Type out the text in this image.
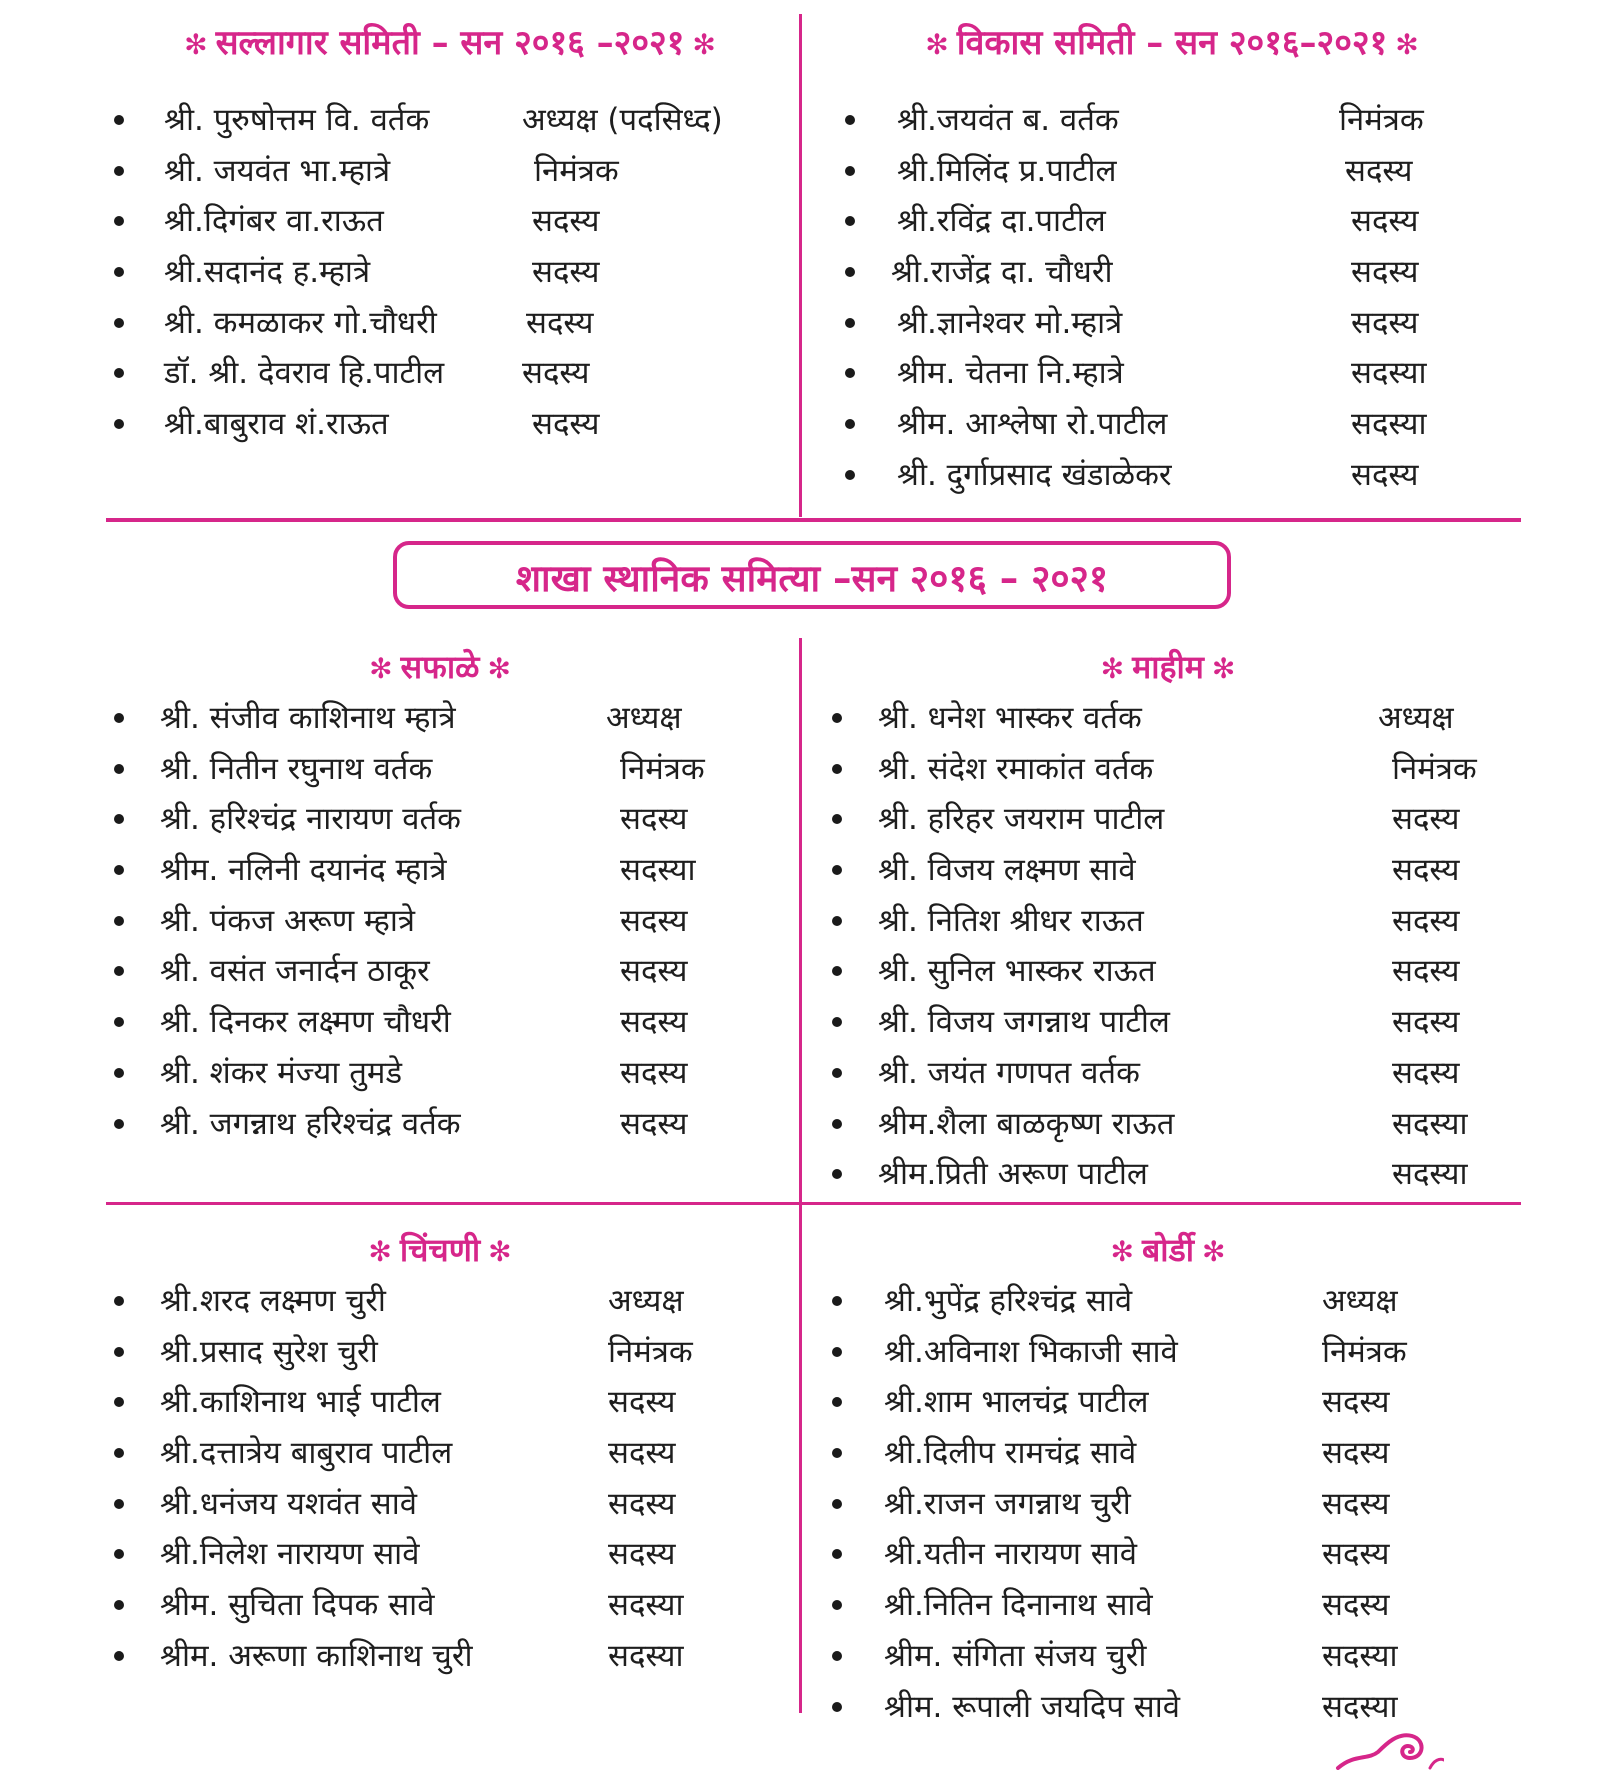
✻ सल्लागार समिती – सन २०१६ –२०२१ ✻	✻ विकास समिती – सन २०१६–२०२१ ✻
श्री. पुरुषोत्तम वि. वर्तक	अध्यक्ष (पदसिध्द)
श्री. जयवंत भा.म्हात्रे	निमंत्रक
श्री.दिगंबर वा.राऊत	सदस्य
श्री.सदानंद ह.म्हात्रे	सदस्य
श्री. कमळाकर गो.चौधरी	सदस्य
डॉ. श्री. देवराव हि.पाटील	सदस्य
श्री.बाबुराव शं.राऊत	सदस्य
श्री.जयवंत ब. वर्तक	निमंत्रक
श्री.मिलिंद प्र.पाटील	सदस्य
श्री.रविंद्र दा.पाटील	सदस्य
श्री.राजेंद्र दा. चौधरी	सदस्य
श्री.ज्ञानेश्वर मो.म्हात्रे	सदस्य
श्रीम. चेतना नि.म्हात्रे	सदस्या
श्रीम. आश्लेषा रो.पाटील	सदस्या
श्री. दुर्गाप्रसाद खंडाळेकर	सदस्य
शाखा स्थानिक समित्या –सन २०१६ – २०२१
✻ सफाळे ✻	✻ माहीम ✻
श्री. संजीव काशिनाथ म्हात्रे	अध्यक्ष
श्री. नितीन रघुनाथ वर्तक	निमंत्रक
श्री. हरिश्चंद्र नारायण वर्तक	सदस्य
श्रीम. नलिनी दयानंद म्हात्रे	सदस्या
श्री. पंकज अरूण म्हात्रे	सदस्य
श्री. वसंत जनार्दन ठाकूर	सदस्य
श्री. दिनकर लक्ष्मण चौधरी	सदस्य
श्री. शंकर मंज्या तुमडे	सदस्य
श्री. जगन्नाथ हरिश्चंद्र वर्तक	सदस्य
श्री. धनेश भास्कर वर्तक	अध्यक्ष
श्री. संदेश रमाकांत वर्तक	निमंत्रक
श्री. हरिहर जयराम पाटील	सदस्य
श्री. विजय लक्ष्मण सावे	सदस्य
श्री. नितिश श्रीधर राऊत	सदस्य
श्री. सुनिल भास्कर राऊत	सदस्य
श्री. विजय जगन्नाथ पाटील	सदस्य
श्री. जयंत गणपत वर्तक	सदस्य
श्रीम.शैला बाळकृष्ण राऊत	सदस्या
श्रीम.प्रिती अरूण पाटील	सदस्या
✻ चिंचणी ✻	✻ बोर्डी ✻
श्री.शरद लक्ष्मण चुरी	अध्यक्ष
श्री.प्रसाद सुरेश चुरी	निमंत्रक
श्री.काशिनाथ भाई पाटील	सदस्य
श्री.दत्तात्रेय बाबुराव पाटील	सदस्य
श्री.धनंजय यशवंत सावे	सदस्य
श्री.निलेश नारायण सावे	सदस्य
श्रीम. सुचिता दिपक सावे	सदस्या
श्रीम. अरूणा काशिनाथ चुरी	सदस्या
श्री.भुपेंद्र हरिश्चंद्र सावे	अध्यक्ष
श्री.अविनाश भिकाजी सावे	निमंत्रक
श्री.शाम भालचंद्र पाटील	सदस्य
श्री.दिलीप रामचंद्र सावे	सदस्य
श्री.राजन जगन्नाथ चुरी	सदस्य
श्री.यतीन नारायण सावे	सदस्य
श्री.नितिन दिनानाथ सावे	सदस्य
श्रीम. संगिता संजय चुरी	सदस्या
श्रीम. रूपाली जयदिप सावे	सदस्या
